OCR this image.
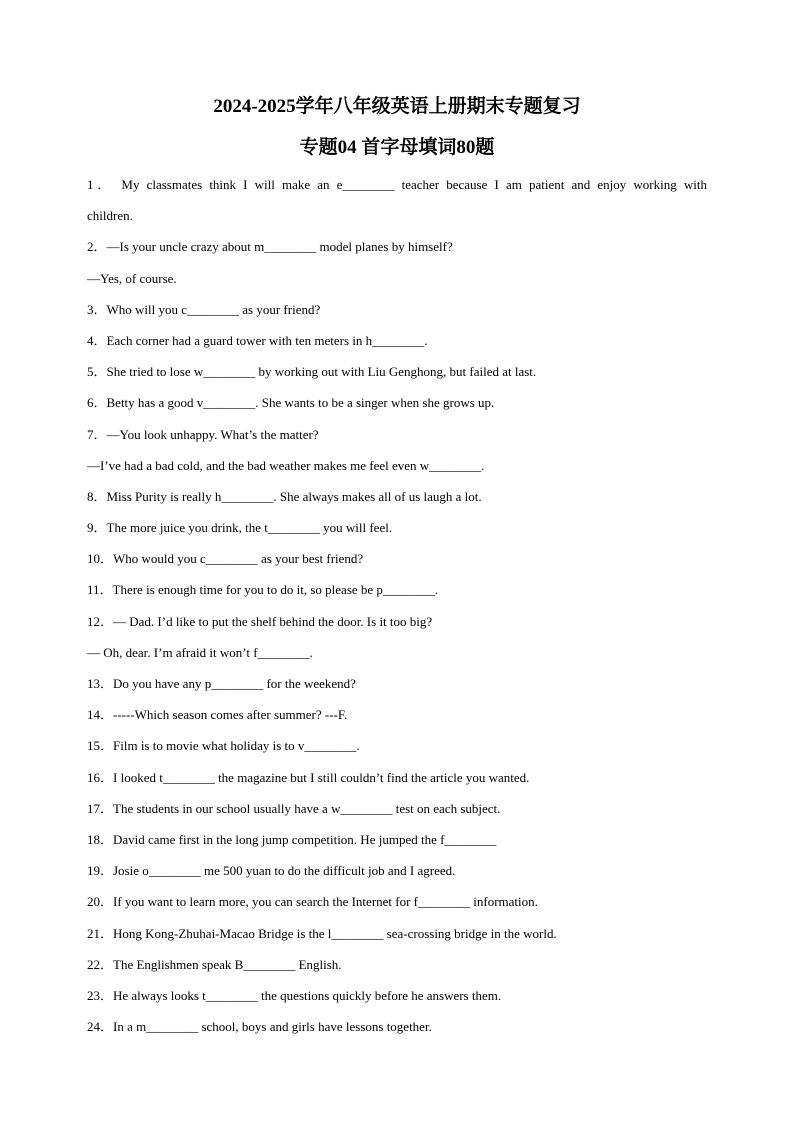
2024-2025学年八年级英语上册期末专题复习
专题04 首字母填词80题
1． My classmates think I will make an e________ teacher because I am patient and enjoy working with
children.
2．—Is your uncle crazy about m________ model planes by himself?
—Yes, of course.
3．Who will you c________ as your friend?
4．Each corner had a guard tower with ten meters in h________.
5．She tried to lose w________ by working out with Liu Genghong, but failed at last.
6．Betty has a good v________. She wants to be a singer when she grows up.
7．—You look unhappy. What’s the matter?
—I’ve had a bad cold, and the bad weather makes me feel even w________.
8．Miss Purity is really h________. She always makes all of us laugh a lot.
9．The more juice you drink, the t________ you will feel.
10．Who would you c________ as your best friend?
11．There is enough time for you to do it, so please be p________.
12．— Dad. I’d like to put the shelf behind the door. Is it too big?
— Oh, dear. I’m afraid it won’t f________.
13．Do you have any p________ for the weekend?
14．-----Which season comes after summer? ---F.
15．Film is to movie what holiday is to v________.
16．I looked t________ the magazine but I still couldn’t find the article you wanted.
17．The students in our school usually have a w________ test on each subject.
18．David came first in the long jump competition. He jumped the f________
19．Josie o________ me 500 yuan to do the difficult job and I agreed.
20．If you want to learn more, you can search the Internet for f________ information.
21．Hong Kong-Zhuhai-Macao Bridge is the l________ sea-crossing bridge in the world.
22．The Englishmen speak B________ English.
23．He always looks t________ the questions quickly before he answers them.
24．In a m________ school, boys and girls have lessons together.
